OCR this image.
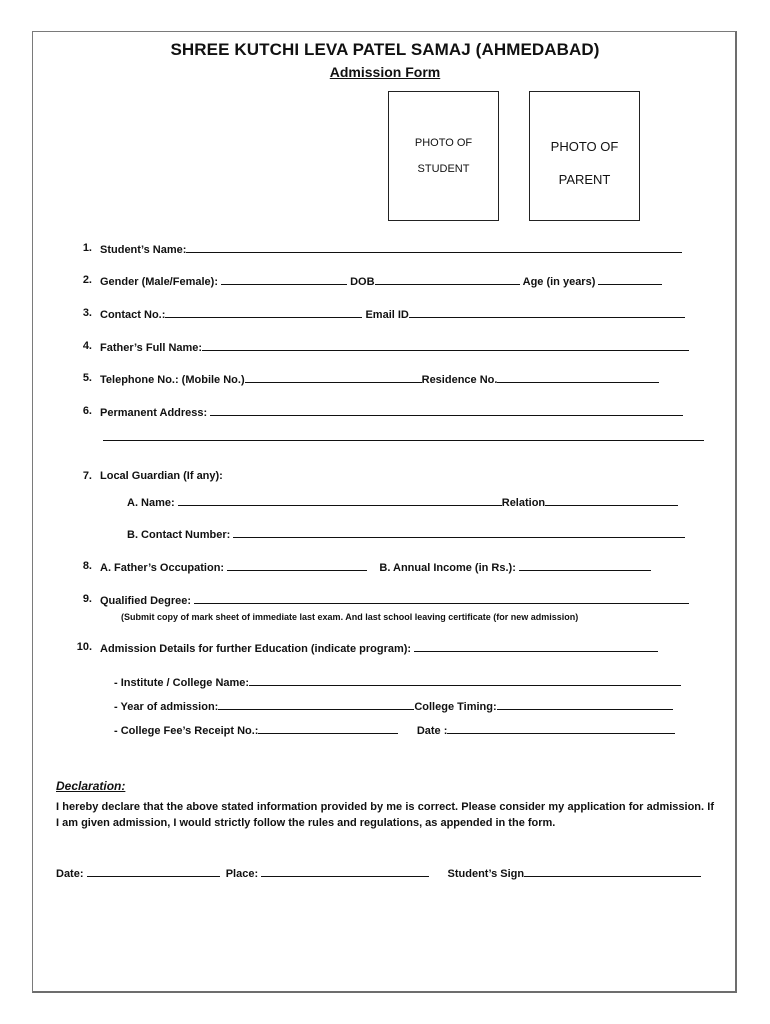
SHREE KUTCHI LEVA PATEL SAMAJ (AHMEDABAD)
Admission Form
PHOTO OF
STUDENT
PHOTO OF
PARENT
1. Student’s Name:
2. Gender (Male/Female):	DOB	Age (in years)
3. Contact No.:	Email ID
4. Father’s Full Name:
5. Telephone No.: (Mobile No.)	Residence No.
6. Permanent Address:
7. Local Guardian (If any):
A. Name:	Relation
B. Contact Number:
8. A. Father’s Occupation:	B. Annual Income (in Rs.):
9. Qualified Degree:
(Submit copy of mark sheet of immediate last exam. And last school leaving certificate (for new admission)
10. Admission Details for further Education (indicate program):
- Institute / College Name:
- Year of admission:	College Timing:
- College Fee’s Receipt No.:	Date :
Declaration:
I hereby declare that the above stated information provided by me is correct. Please consider my application for admission. If I am given admission, I would strictly follow the rules and regulations, as appended in the form.
Date:	Place:	Student’s Sign
